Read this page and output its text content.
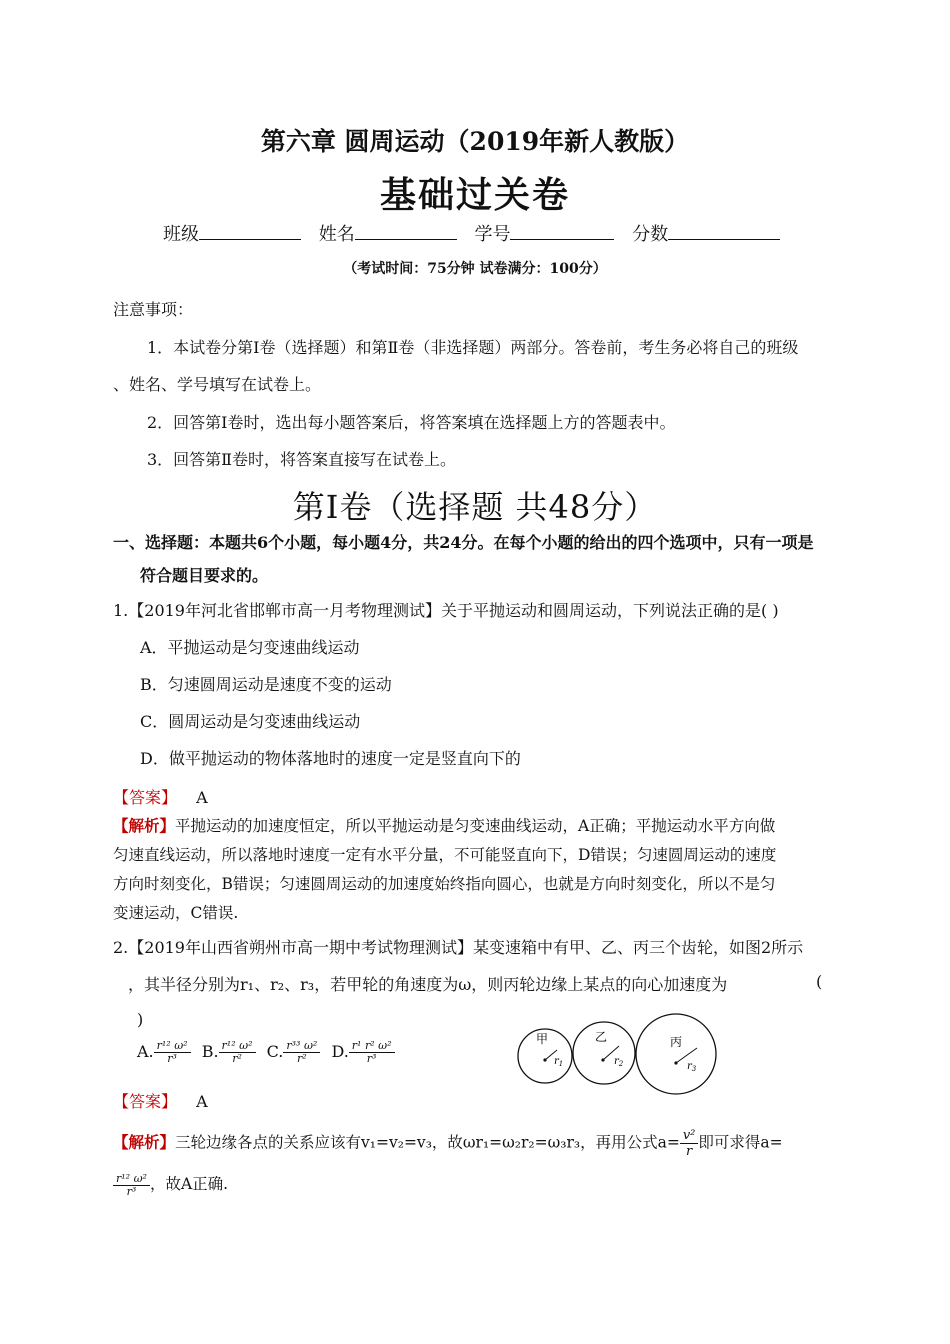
第六章 圆周运动（2019年新人教版）
基础过关卷
班级	姓名	学号	分数
（考试时间：75分钟 试卷满分：100分）
注意事项：
1．本试卷分第Ⅰ卷（选择题）和第Ⅱ卷（非选择题）两部分。答卷前，考生务必将自己的班级
、姓名、学号填写在试卷上。
2．回答第Ⅰ卷时，选出每小题答案后，将答案填在选择题上方的答题表中。
3．回答第Ⅱ卷时，将答案直接写在试卷上。
第Ⅰ卷（选择题 共48分）
一、选择题：本题共6个小题，每小题4分，共24分。在每个小题的给出的四个选项中，只有一项是
符合题目要求的。
1.【2019年河北省邯郸市高一月考物理测试】关于平抛运动和圆周运动，下列说法正确的是( )
A．平抛运动是匀变速曲线运动
B．匀速圆周运动是速度不变的运动
C．圆周运动是匀变速曲线运动
D．做平抛运动的物体落地时的速度一定是竖直向下的
【答案】 A
【解析】平抛运动的加速度恒定，所以平抛运动是匀变速曲线运动，A正确；平抛运动水平方向做
匀速直线运动，所以落地时速度一定有水平分量，不可能竖直向下，D错误；匀速圆周运动的速度
方向时刻变化，B错误；匀速圆周运动的加速度始终指向圆心，也就是方向时刻变化，所以不是匀
变速运动，C错误.
2.【2019年山西省朔州市高一期中考试物理测试】某变速箱中有甲、乙、丙三个齿轮，如图2所示
，其半径分别为r₁、r₂、r₃，若甲轮的角速度为ω，则丙轮边缘上某点的向心加速度为	(
)
A. $\frac{\text{r¹² ω²}}{\text{r³}} B$. $\frac{\text{r¹² ω²}}{\text{r²}} C$. $\frac{\text{r³³ ω²}}{\text{r²}} D$. $\frac{\text{r¹ r² ω²}}{\text{r³}}$
甲
$r_1$
乙
$r_2$
丙
$r_3$
【答案】 A
【解析】三轮边缘各点的关系应该有v₁=v₂=v₃，故ωr₁=ω₂r₂=ω₃r₃，再用公式$a= \frac{\text{v²}}{r}$ 即可求得a=
$\frac{\text{r¹² ω²}}{\text{r³}}$ ，故A正确.
